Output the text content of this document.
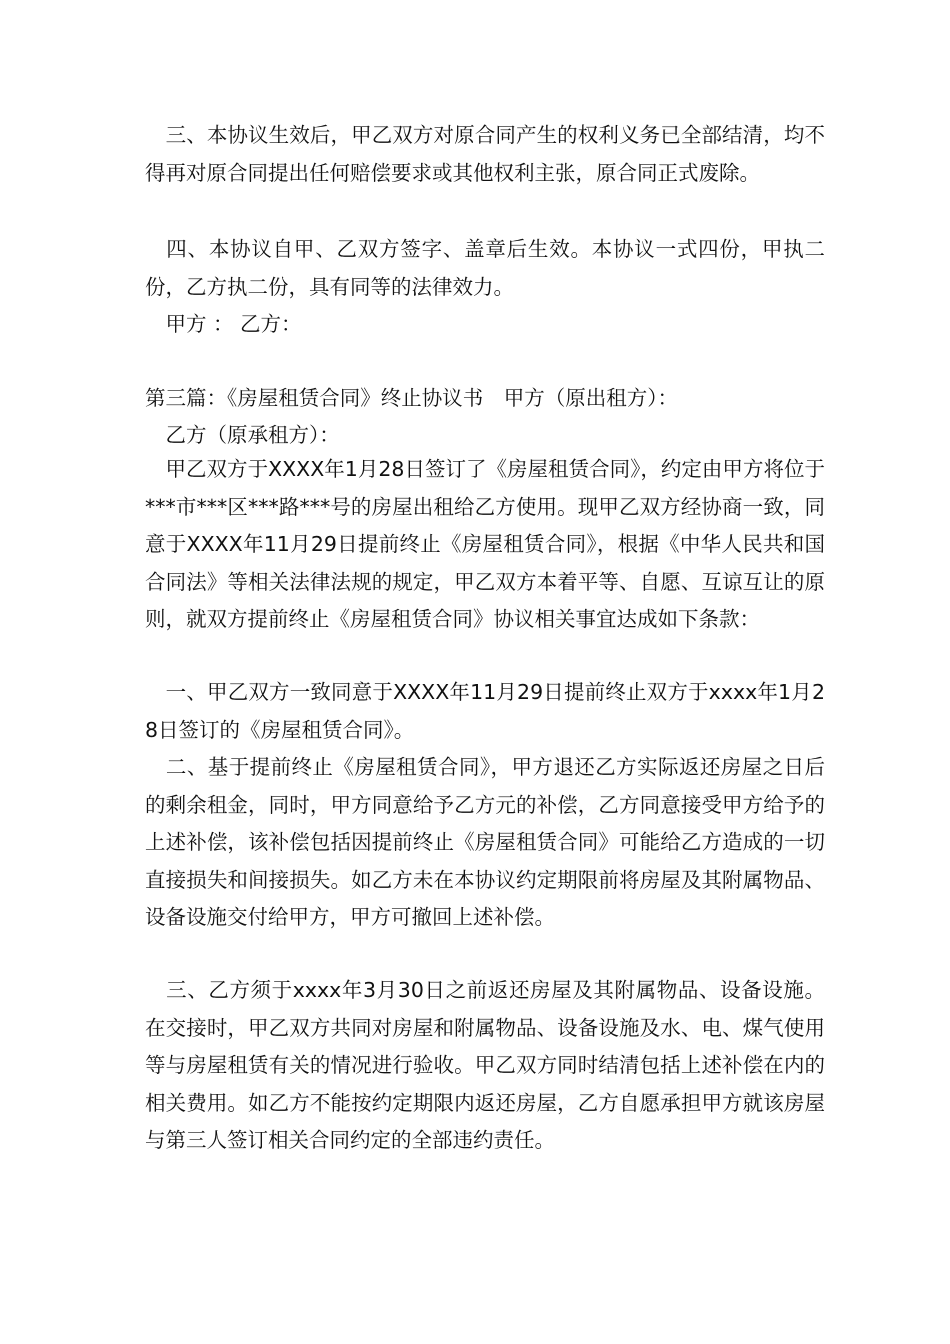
　三、本协议生效后，甲乙双方对原合同产生的权利义务已全部结清，均不得再对原合同提出任何赔偿要求或其他权利主张，原合同正式废除。

　四、本协议自甲、乙双方签字、盖章后生效。本协议一式四份，甲执二份，乙方执二份，具有同等的法律效力。

　甲方 ： 乙方：

第三篇：《房屋租赁合同》终止协议书　甲方（原出租方）：

　乙方（原承租方）：

　甲乙双方于XXXX年1月28日签订了《房屋租赁合同》，约定由甲方将位于***市***区***路***号的房屋出租给乙方使用。现甲乙双方经协商一致，同意于XXXX年11月29日提前终止《房屋租赁合同》，根据《中华人民共和国合同法》等相关法律法规的规定，甲乙双方本着平等、自愿、互谅互让的原则，就双方提前终止《房屋租赁合同》协议相关事宜达成如下条款：

　一、甲乙双方一致同意于XXXX年11月29日提前终止双方于xxxx年1月28日签订的《房屋租赁合同》。

　二、基于提前终止《房屋租赁合同》，甲方退还乙方实际返还房屋之日后的剩余租金，同时，甲方同意给予乙方元的补偿，乙方同意接受甲方给予的上述补偿，该补偿包括因提前终止《房屋租赁合同》可能给乙方造成的一切直接损失和间接损失。如乙方未在本协议约定期限前将房屋及其附属物品、设备设施交付给甲方，甲方可撤回上述补偿。

　三、乙方须于xxxx年3月30日之前返还房屋及其附属物品、设备设施。在交接时，甲乙双方共同对房屋和附属物品、设备设施及水、电、煤气使用等与房屋租赁有关的情况进行验收。甲乙双方同时结清包括上述补偿在内的相关费用。如乙方不能按约定期限内返还房屋，乙方自愿承担甲方就该房屋与第三人签订相关合同约定的全部违约责任。
